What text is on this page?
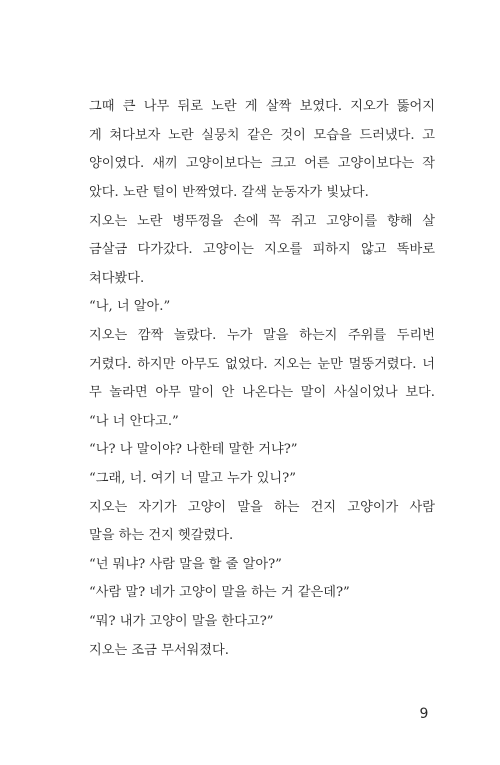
그때 큰 나무 뒤로 노란 게 살짝 보였다. 지오가 뚫어지
게 쳐다보자 노란 실뭉치 같은 것이 모습을 드러냈다. 고
양이였다. 새끼 고양이보다는 크고 어른 고양이보다는 작
았다. 노란 털이 반짝였다. 갈색 눈동자가 빛났다.
지오는 노란 병뚜껑을 손에 꼭 쥐고 고양이를 향해 살
금살금 다가갔다. 고양이는 지오를 피하지 않고 똑바로
쳐다봤다.
“나, 너 알아.”
지오는 깜짝 놀랐다. 누가 말을 하는지 주위를 두리번
거렸다. 하지만 아무도 없었다. 지오는 눈만 멀뚱거렸다. 너
무 놀라면 아무 말이 안 나온다는 말이 사실이었나 보다.
“나 너 안다고.”
“나? 나 말이야? 나한테 말한 거냐?”
“그래, 너. 여기 너 말고 누가 있니?”
지오는 자기가 고양이 말을 하는 건지 고양이가 사람
말을 하는 건지 헷갈렸다.
“넌 뭐냐? 사람 말을 할 줄 알아?”
“사람 말? 네가 고양이 말을 하는 거 같은데?”
“뭐? 내가 고양이 말을 한다고?”
지오는 조금 무서워졌다.
9
